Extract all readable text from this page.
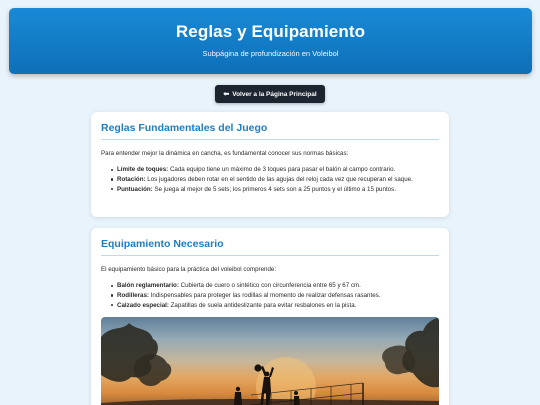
Reglas y Equipamiento

Subpágina de profundización en Voleibol

⬅ Volver a la Página Principal
Reglas Fundamentales del Juego

Para entender mejor la dinámica en cancha, es fundamental conocer sus normas básicas:

Límite de toques: Cada equipo tiene un máximo de 3 toques para pasar el balón al campo contrario.
Rotación: Los jugadores deben rotar en el sentido de las agujas del reloj cada vez que recuperan el saque.
Puntuación: Se juega al mejor de 5 sets; los primeros 4 sets son a 25 puntos y el último a 15 puntos.
Equipamiento Necesario

El equipamiento básico para la práctica del voleibol comprende:

Balón reglamentario: Cubierta de cuero o sintético con circunferencia entre 65 y 67 cm.
Rodilleras: Indispensables para proteger las rodillas al momento de realizar defensas rasantes.
Calzado especial: Zapatillas de suela antideslizante para evitar resbalones en la pista.
